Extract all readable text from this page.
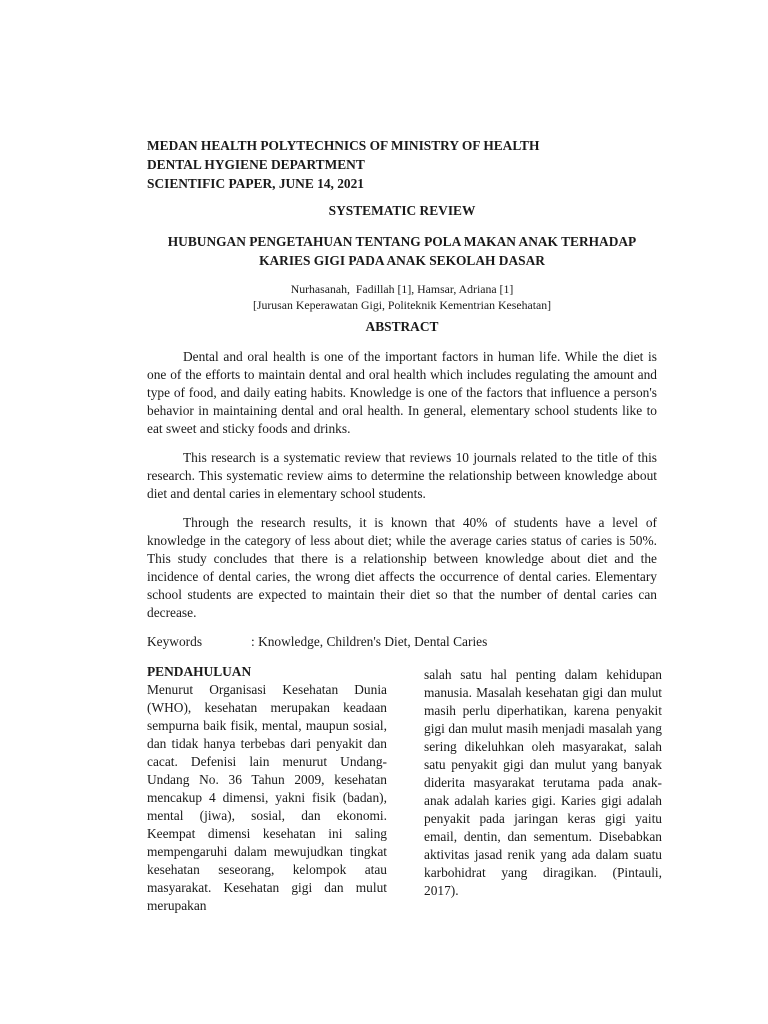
MEDAN HEALTH POLYTECHNICS OF MINISTRY OF HEALTH
DENTAL HYGIENE DEPARTMENT
SCIENTIFIC PAPER, JUNE 14, 2021
SYSTEMATIC REVIEW
HUBUNGAN PENGETAHUAN TENTANG POLA MAKAN ANAK TERHADAP
KARIES GIGI PADA ANAK SEKOLAH DASAR
Nurhasanah,  Fadillah [1], Hamsar, Adriana [1]
[Jurusan Keperawatan Gigi, Politeknik Kementrian Kesehatan]
ABSTRACT

Dental and oral health is one of the important factors in human life. While the diet is one of the efforts to maintain dental and oral health which includes regulating the amount and type of food, and daily eating habits. Knowledge is one of the factors that influence a person's behavior in maintaining dental and oral health. In general, elementary school students like to eat sweet and sticky foods and drinks.

This research is a systematic review that reviews 10 journals related to the title of this research. This systematic review aims to determine the relationship between knowledge about diet and dental caries in elementary school students.

Through the research results, it is known that 40% of students have a level of knowledge in the category of less about diet; while the average caries status of caries is 50%. This study concludes that there is a relationship between knowledge about diet and the incidence of dental caries, the wrong diet affects the occurrence of dental caries. Elementary school students are expected to maintain their diet so that the number of dental caries can decrease.

Keywords	: Knowledge, Children's Diet, Dental Caries
PENDAHULUAN

Menurut Organisasi Kesehatan Dunia (WHO), kesehatan merupakan keadaan sempurna baik fisik, mental, maupun sosial, dan tidak hanya terbebas dari penyakit dan cacat. Defenisi lain menurut Undang-Undang No. 36 Tahun 2009, kesehatan mencakup 4 dimensi, yakni fisik (badan), mental (jiwa), sosial, dan ekonomi. Keempat dimensi kesehatan ini saling mempengaruhi dalam mewujudkan tingkat kesehatan seseorang, kelompok atau masyarakat. Kesehatan gigi dan mulut merupakan

salah satu hal penting dalam kehidupan manusia. Masalah kesehatan gigi dan mulut masih perlu diperhatikan, karena penyakit gigi dan mulut masih menjadi masalah yang sering dikeluhkan oleh masyarakat, salah satu penyakit gigi dan mulut yang banyak diderita masyarakat terutama pada anak-anak adalah karies gigi. Karies gigi adalah penyakit pada jaringan keras gigi yaitu email, dentin, dan sementum. Disebabkan aktivitas jasad renik yang ada dalam suatu karbohidrat yang diragikan. (Pintauli, 2017).
